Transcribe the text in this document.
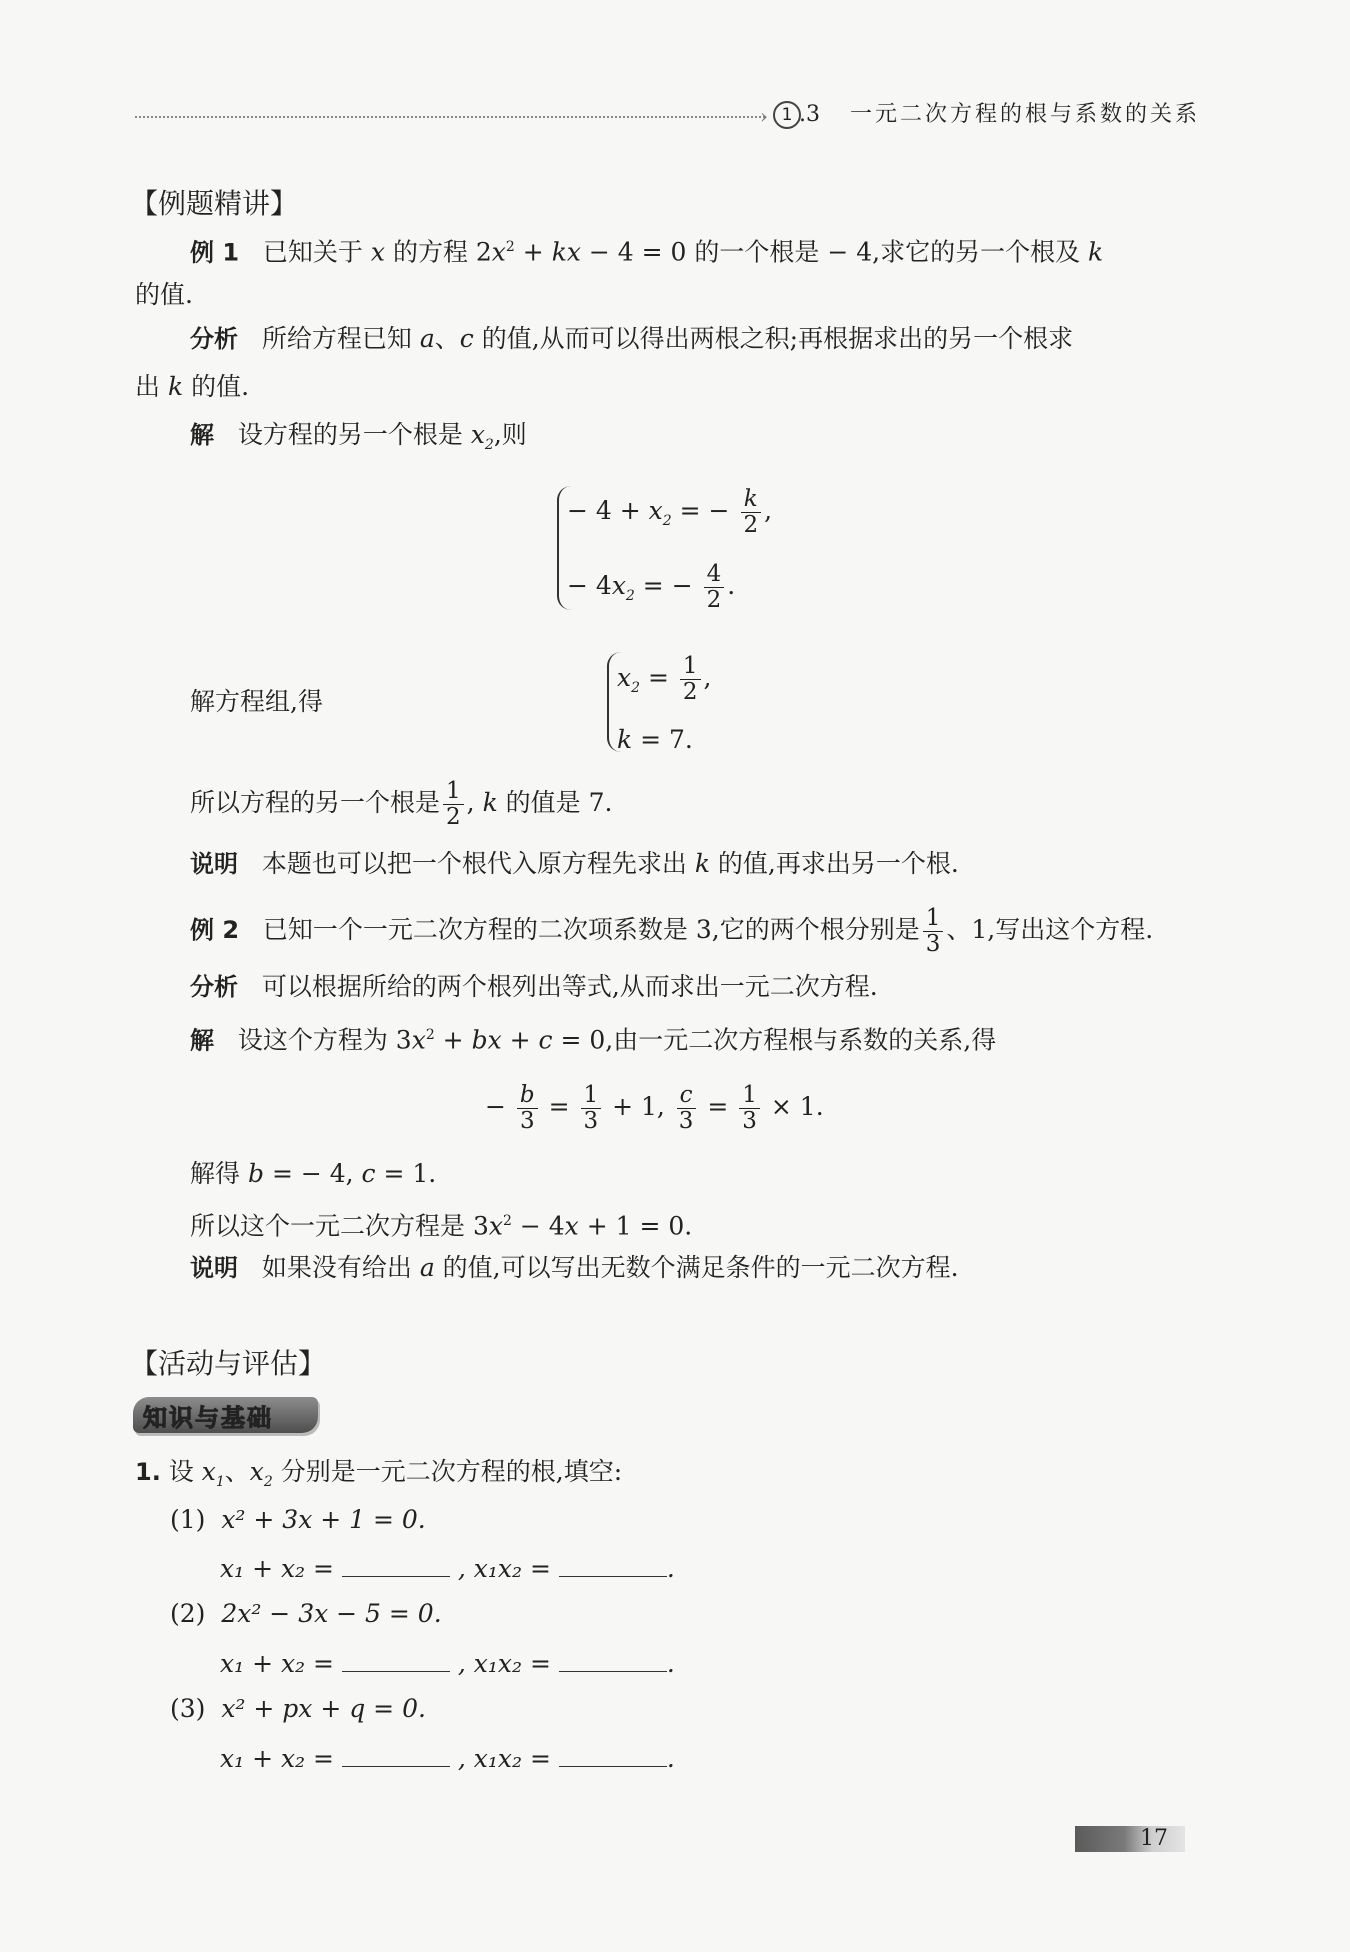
› 1 .3 一元二次方程的根与系数的关系
【例题精讲】
例 1 已知关于 x 的方程 $2x^2$ + kx − 4 = 0 的一个根是 − 4,求它的另一个根及 k
的值.
分析 所给方程已知 a、c 的值,从而可以得出两根之积;再根据求出的另一个根求
出 k 的值.
解 设方程的另一个根是 $x_2$,则
− $4 + x_2$ = − $\frac{k}{2}$ ,
− $4x_2$ = − $\frac{4}{2}$ .
解方程组,得
$x_2 = \frac{1}{2}$ ,
k = 7.
所以方程的另一个根是 $\frac{1}{2}$ , k 的值是 7.
说明 本题也可以把一个根代入原方程先求出 k 的值,再求出另一个根.
例 2 已知一个一元二次方程的二次项系数是 3,它的两个根分别是 $\frac{1}{3}$ 、1,写出这个方程.
分析 可以根据所给的两个根列出等式,从而求出一元二次方程.
解 设这个方程为 $3x^2$ + bx + c = 0,由一元二次方程根与系数的关系,得
− $\frac{b}{3} = \frac{1}{3} + 1$, $\frac{c}{3} = \frac{1}{3} \times 1$.
解得 b = − 4, c = 1.
所以这个一元二次方程是 $3x^2 - 4x + 1 = 0$.
说明 如果没有给出 a 的值,可以写出无数个满足条件的一元二次方程.
【活动与评估】
知识与基础
1. 设 $x_1$、$x_2$ 分别是一元二次方程的根,填空:
(1) x² + 3x + 1 = 0.
x₁ + x₂ =	, x₁x₂ =	.
(2) 2x² − 3x − 5 = 0.
x₁ + x₂ =	, x₁x₂ =	.
(3) x² + px + q = 0.
x₁ + x₂ =	, x₁x₂ =	.
17
